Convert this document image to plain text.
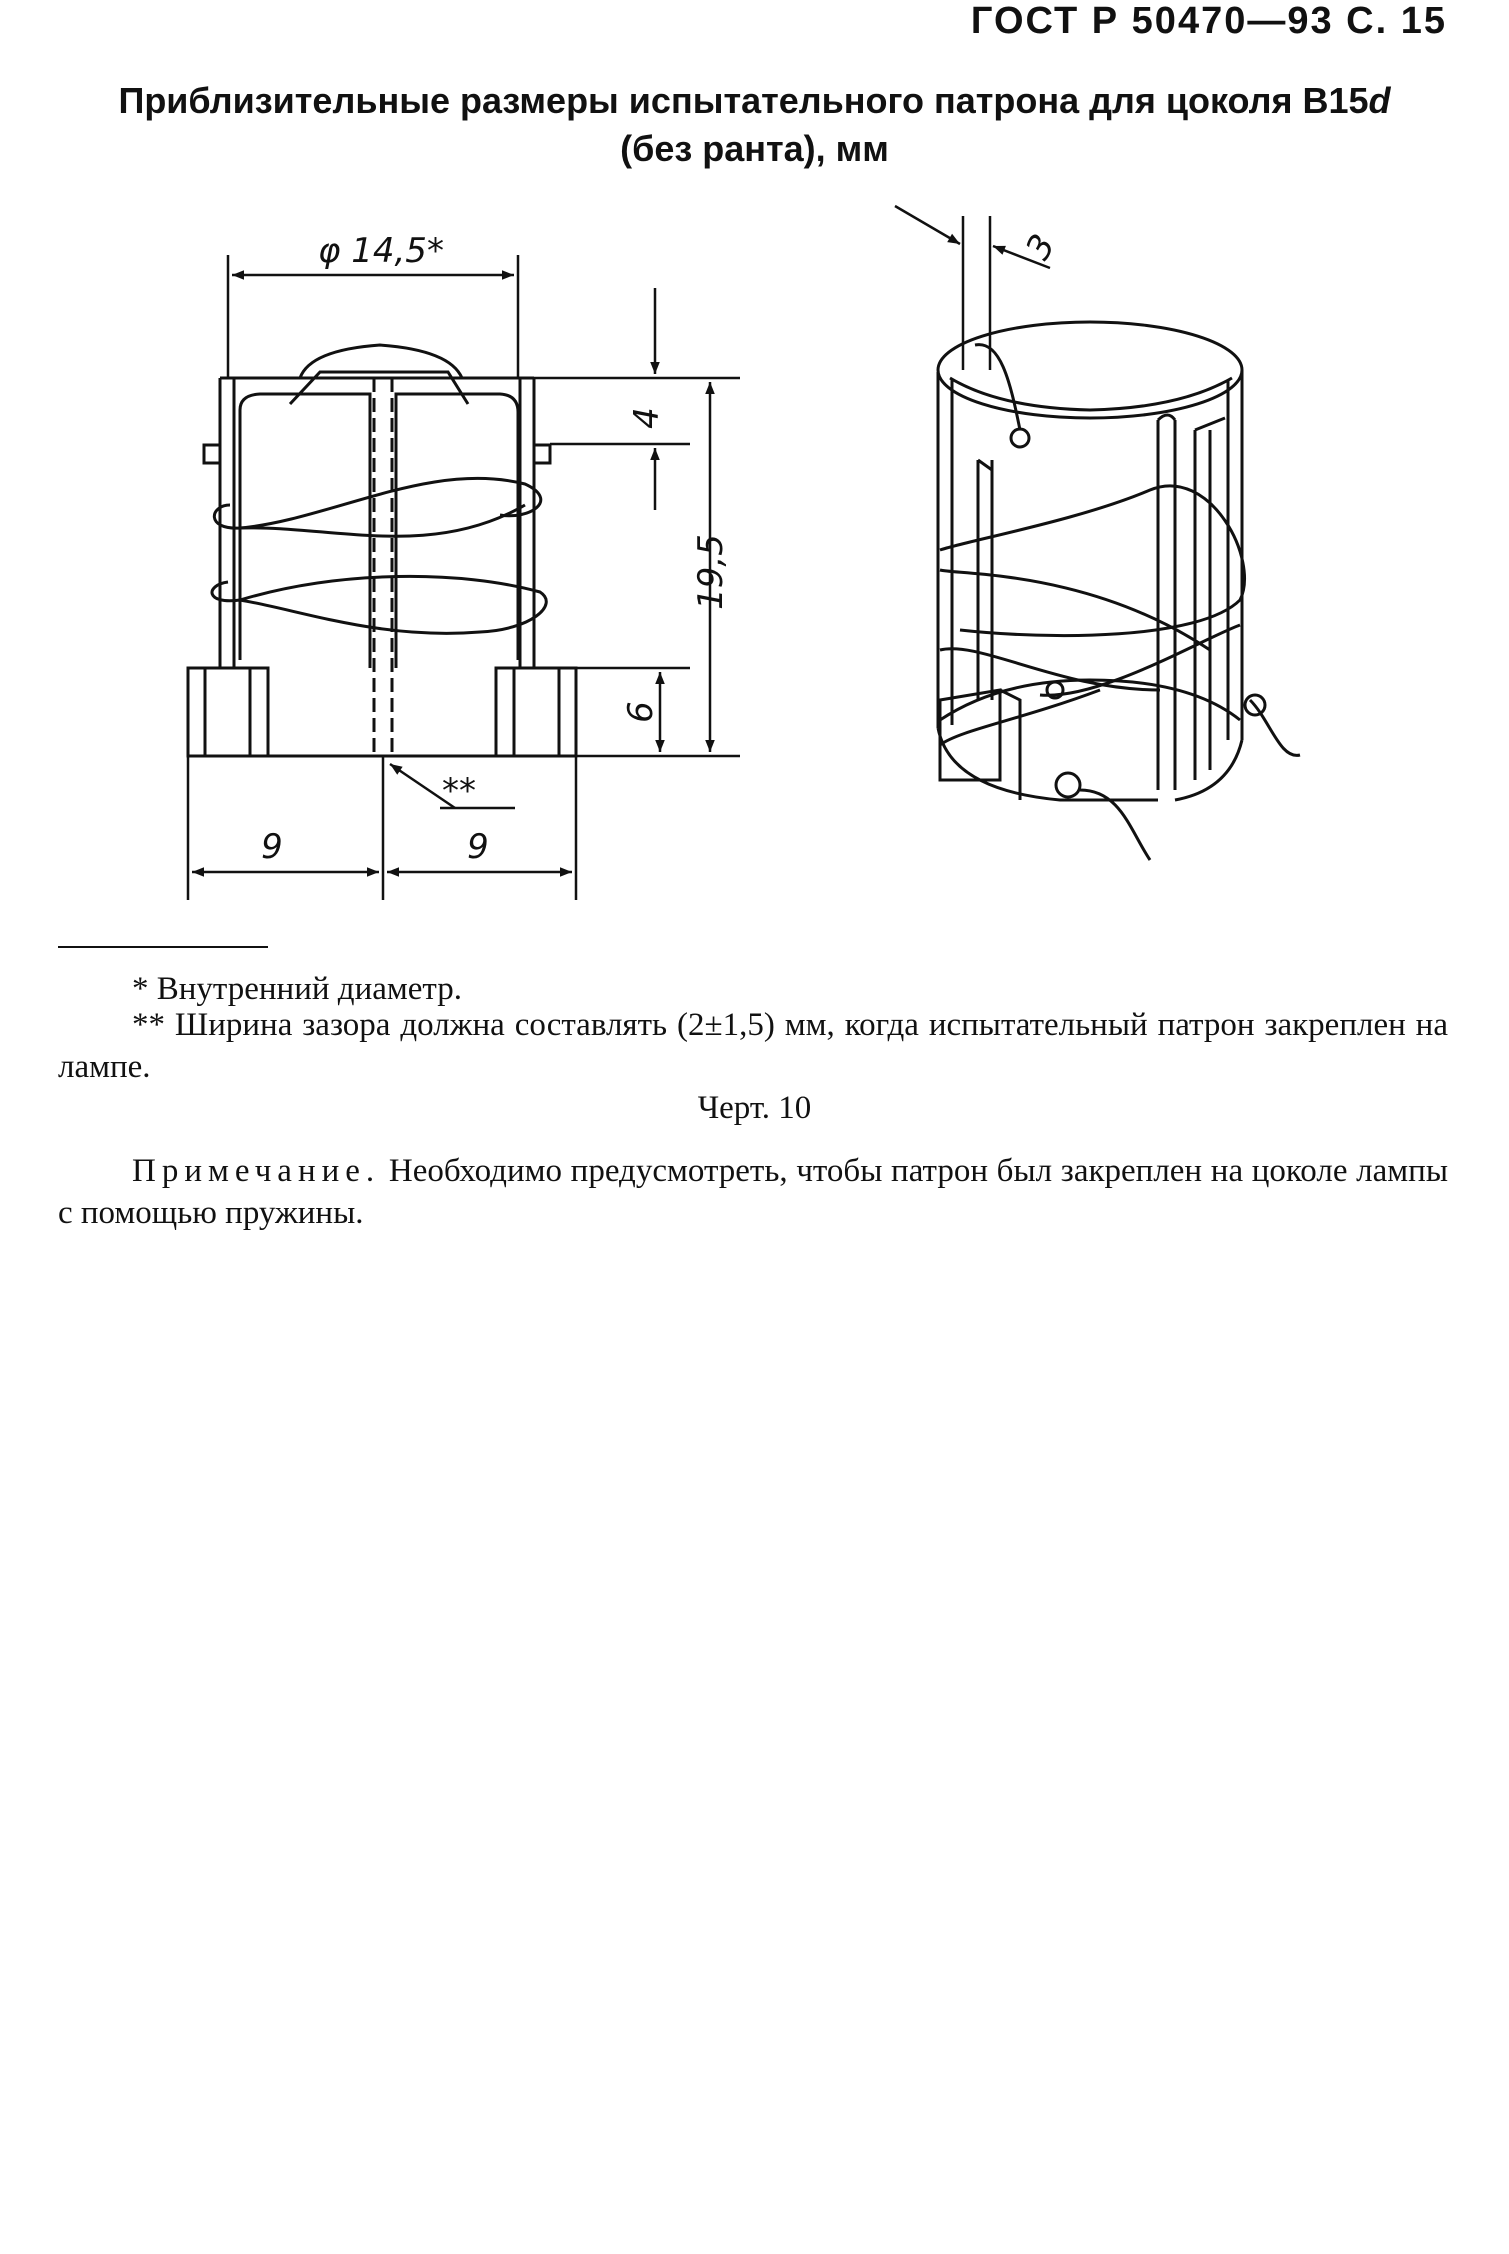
ГОСТ Р 50470—93 С. 15
Приблизительные размеры испытательного патрона для цоколя B15d
(без ранта), мм
φ 14,5*
4
19,5
6
9	9
**
3
* Внутренний диаметр.
** Ширина зазора должна составлять (2±1,5) мм, когда испытательный патрон закреплен на лампе.
Черт. 10
Примечание. Необходимо предусмотреть, чтобы патрон был закреплен на цоколе лампы с помощью пружины.
